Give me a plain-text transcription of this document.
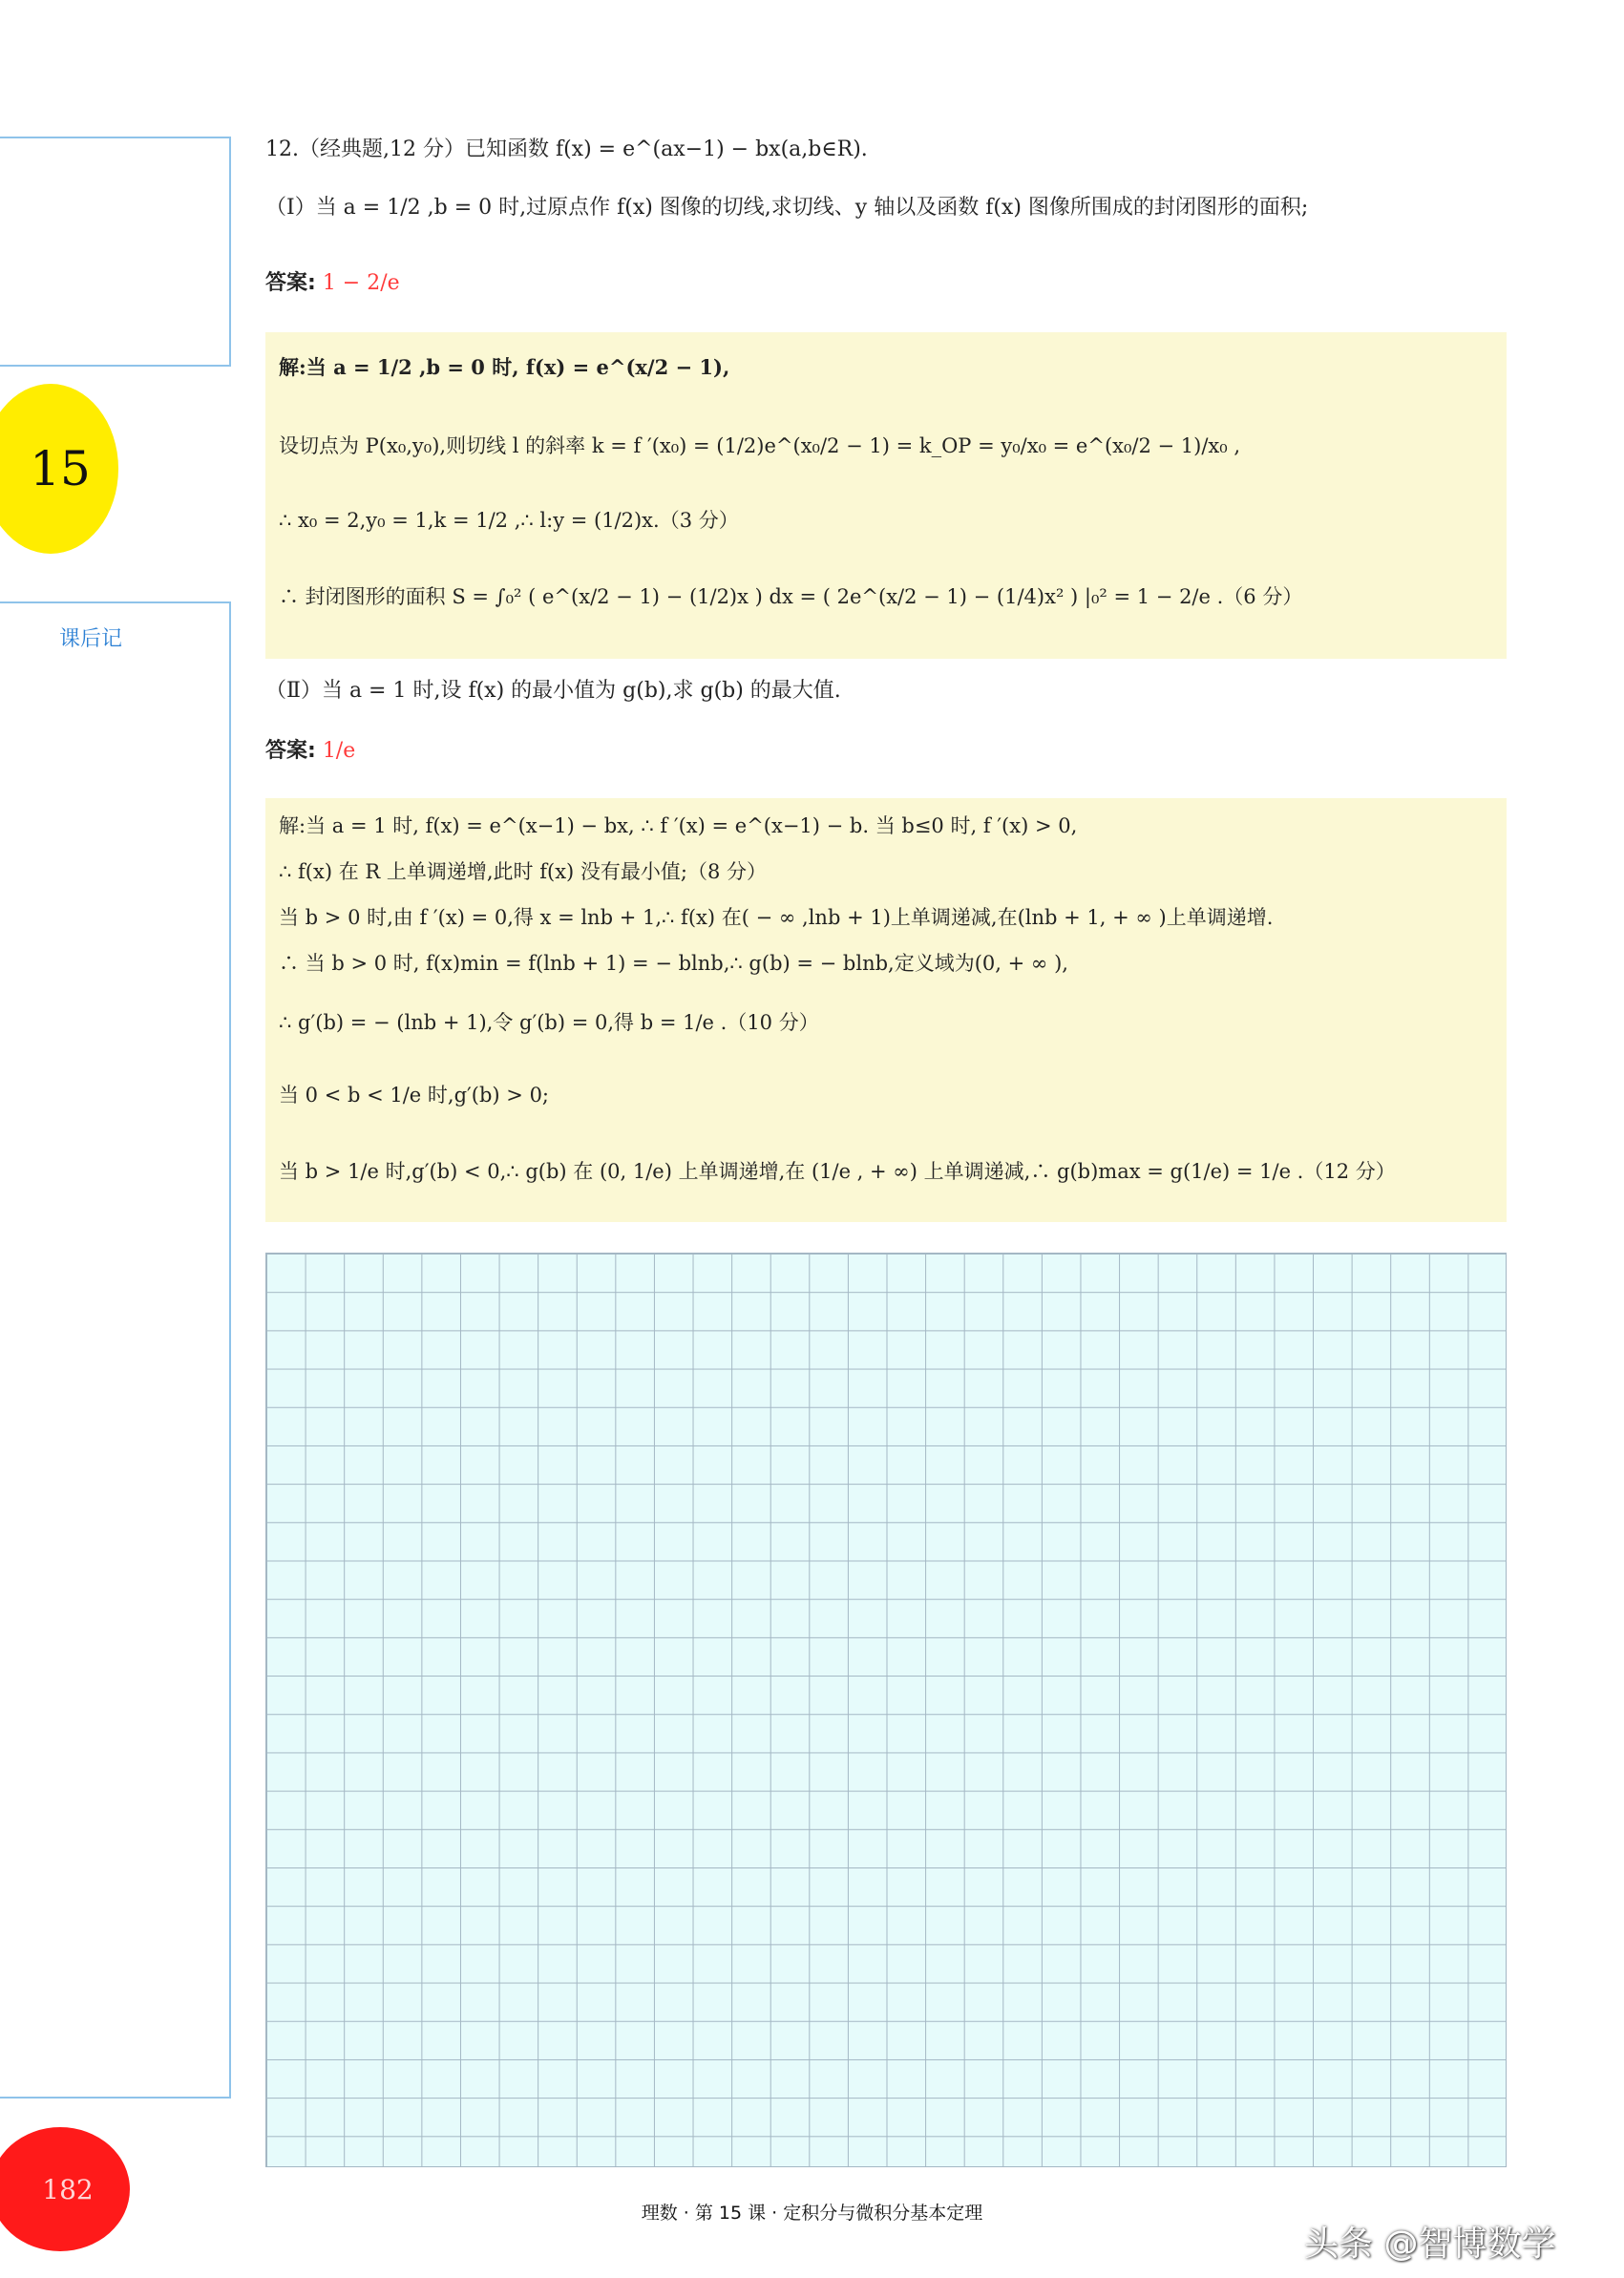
15
课后记
182
12.（经典题,12 分）已知函数 f(x) = e^(ax−1) − bx(a,b∈R).
（Ⅰ）当 a = 1/2 ,b = 0 时,过原点作 f(x) 图像的切线,求切线、y 轴以及函数 f(x) 图像所围成的封闭图形的面积;
答案: 1 − 2/e
解:当 a = 1/2 ,b = 0 时, f(x) = e^(x/2 − 1),
设切点为 P(x₀,y₀),则切线 l 的斜率 k = f ′(x₀) = (1/2)e^(x₀/2 − 1) = k_OP = y₀/x₀ = e^(x₀/2 − 1)/x₀ ,
∴ x₀ = 2,y₀ = 1,k = 1/2 ,∴ l:y = (1/2)x.（3 分）
∴ 封闭图形的面积 S = ∫₀² ( e^(x/2 − 1) − (1/2)x ) dx = ( 2e^(x/2 − 1) − (1/4)x² ) |₀² = 1 − 2/e .（6 分）
（Ⅱ）当 a = 1 时,设 f(x) 的最小值为 g(b),求 g(b) 的最大值.
答案: 1/e
解:当 a = 1 时, f(x) = e^(x−1) − bx, ∴ f ′(x) = e^(x−1) − b. 当 b≤0 时, f ′(x) > 0,
∴ f(x) 在 R 上单调递增,此时 f(x) 没有最小值;（8 分）
当 b > 0 时,由 f ′(x) = 0,得 x = lnb + 1,∴ f(x) 在( − ∞ ,lnb + 1)上单调递减,在(lnb + 1, + ∞ )上单调递增.
∴ 当 b > 0 时, f(x)min = f(lnb + 1) = − blnb,∴ g(b) = − blnb,定义域为(0, + ∞ ),
∴ g′(b) = − (lnb + 1),令 g′(b) = 0,得 b = 1/e .（10 分）
当 0 < b < 1/e 时,g′(b) > 0;
当 b > 1/e 时,g′(b) < 0,∴ g(b) 在 (0, 1/e) 上单调递增,在 (1/e , + ∞) 上单调递减,∴ g(b)max = g(1/e) = 1/e .（12 分）
理数 · 第 15 课 · 定积分与微积分基本定理
头条 @智博数学
